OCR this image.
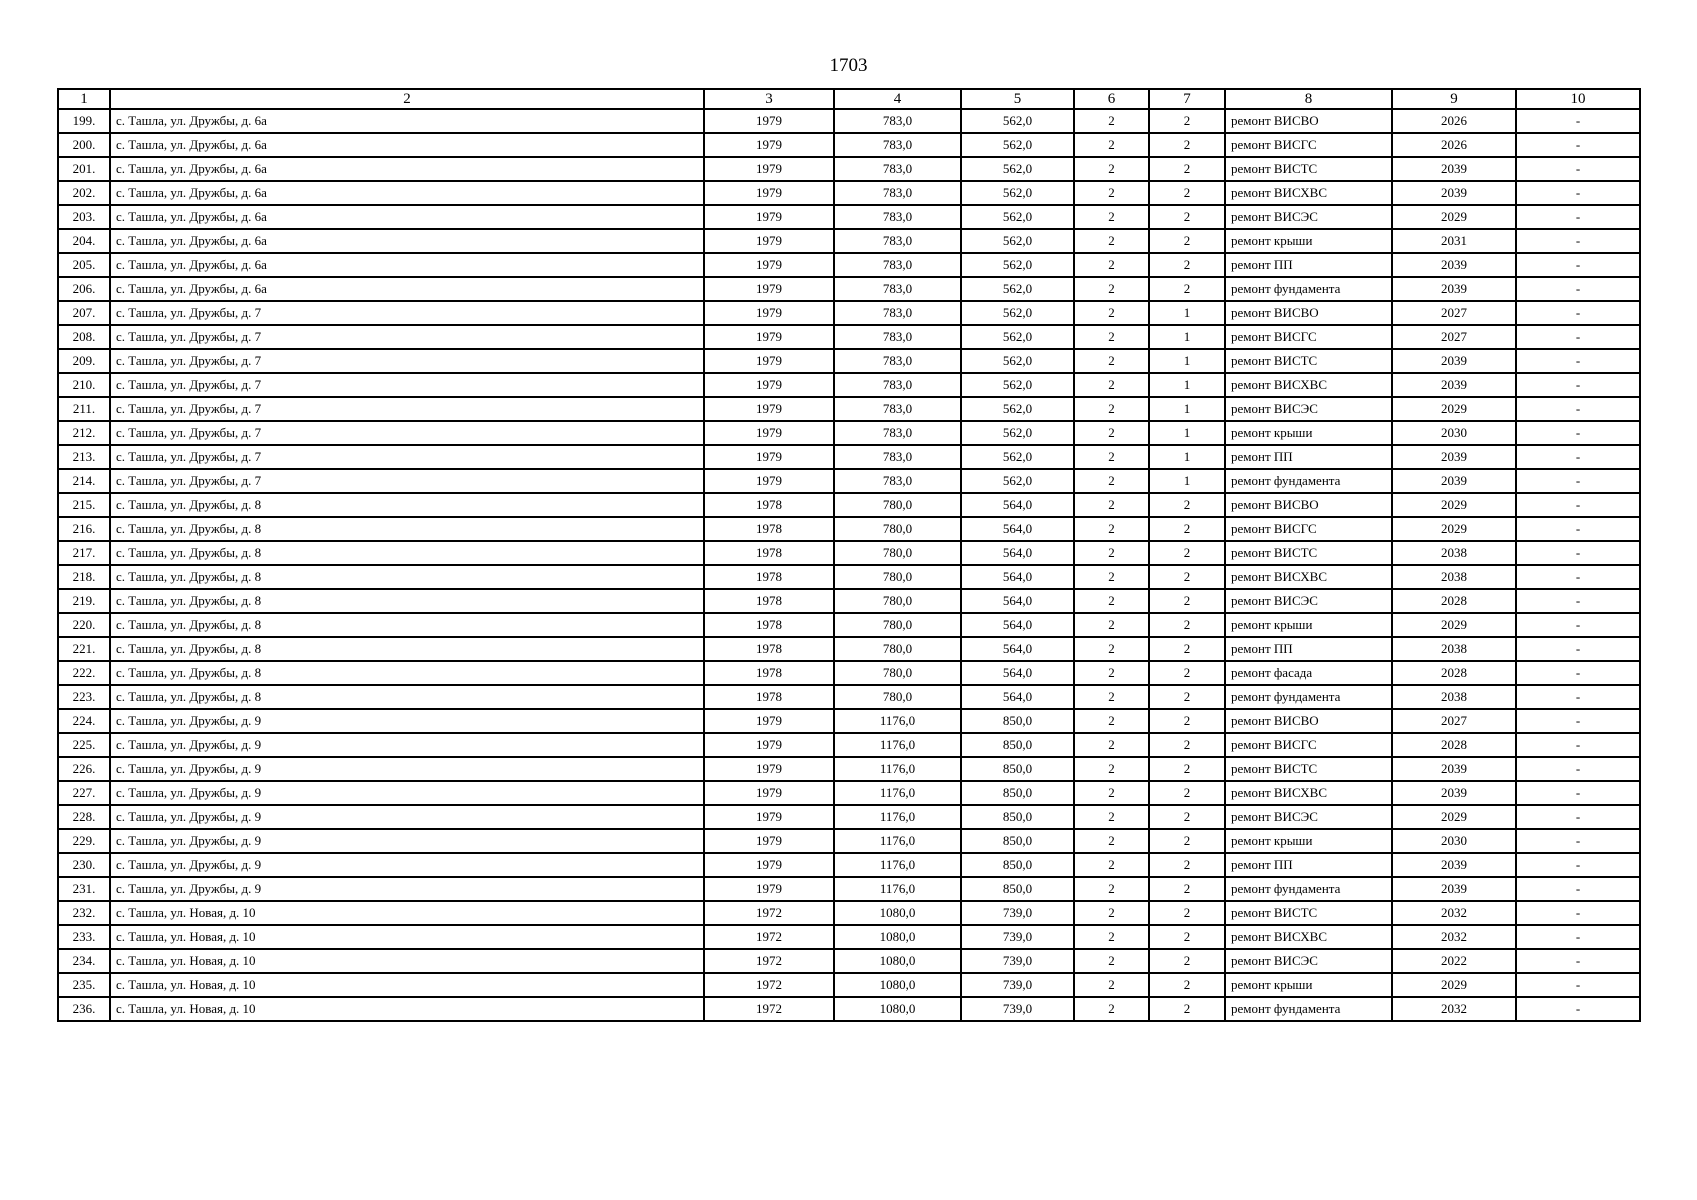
1703
1	2	3	4	5	6	7	8	9	10
199.	с. Ташла, ул. Дружбы, д. 6а	1979	783,0	562,0	2	2	ремонт ВИСВО	2026	-
200.	с. Ташла, ул. Дружбы, д. 6а	1979	783,0	562,0	2	2	ремонт ВИСГС	2026	-
201.	с. Ташла, ул. Дружбы, д. 6а	1979	783,0	562,0	2	2	ремонт ВИСТС	2039	-
202.	с. Ташла, ул. Дружбы, д. 6а	1979	783,0	562,0	2	2	ремонт ВИСХВС	2039	-
203.	с. Ташла, ул. Дружбы, д. 6а	1979	783,0	562,0	2	2	ремонт ВИСЭС	2029	-
204.	с. Ташла, ул. Дружбы, д. 6а	1979	783,0	562,0	2	2	ремонт крыши	2031	-
205.	с. Ташла, ул. Дружбы, д. 6а	1979	783,0	562,0	2	2	ремонт ПП	2039	-
206.	с. Ташла, ул. Дружбы, д. 6а	1979	783,0	562,0	2	2	ремонт фундамента	2039	-
207.	с. Ташла, ул. Дружбы, д. 7	1979	783,0	562,0	2	1	ремонт ВИСВО	2027	-
208.	с. Ташла, ул. Дружбы, д. 7	1979	783,0	562,0	2	1	ремонт ВИСГС	2027	-
209.	с. Ташла, ул. Дружбы, д. 7	1979	783,0	562,0	2	1	ремонт ВИСТС	2039	-
210.	с. Ташла, ул. Дружбы, д. 7	1979	783,0	562,0	2	1	ремонт ВИСХВС	2039	-
211.	с. Ташла, ул. Дружбы, д. 7	1979	783,0	562,0	2	1	ремонт ВИСЭС	2029	-
212.	с. Ташла, ул. Дружбы, д. 7	1979	783,0	562,0	2	1	ремонт крыши	2030	-
213.	с. Ташла, ул. Дружбы, д. 7	1979	783,0	562,0	2	1	ремонт ПП	2039	-
214.	с. Ташла, ул. Дружбы, д. 7	1979	783,0	562,0	2	1	ремонт фундамента	2039	-
215.	с. Ташла, ул. Дружбы, д. 8	1978	780,0	564,0	2	2	ремонт ВИСВО	2029	-
216.	с. Ташла, ул. Дружбы, д. 8	1978	780,0	564,0	2	2	ремонт ВИСГС	2029	-
217.	с. Ташла, ул. Дружбы, д. 8	1978	780,0	564,0	2	2	ремонт ВИСТС	2038	-
218.	с. Ташла, ул. Дружбы, д. 8	1978	780,0	564,0	2	2	ремонт ВИСХВС	2038	-
219.	с. Ташла, ул. Дружбы, д. 8	1978	780,0	564,0	2	2	ремонт ВИСЭС	2028	-
220.	с. Ташла, ул. Дружбы, д. 8	1978	780,0	564,0	2	2	ремонт крыши	2029	-
221.	с. Ташла, ул. Дружбы, д. 8	1978	780,0	564,0	2	2	ремонт ПП	2038	-
222.	с. Ташла, ул. Дружбы, д. 8	1978	780,0	564,0	2	2	ремонт фасада	2028	-
223.	с. Ташла, ул. Дружбы, д. 8	1978	780,0	564,0	2	2	ремонт фундамента	2038	-
224.	с. Ташла, ул. Дружбы, д. 9	1979	1176,0	850,0	2	2	ремонт ВИСВО	2027	-
225.	с. Ташла, ул. Дружбы, д. 9	1979	1176,0	850,0	2	2	ремонт ВИСГС	2028	-
226.	с. Ташла, ул. Дружбы, д. 9	1979	1176,0	850,0	2	2	ремонт ВИСТС	2039	-
227.	с. Ташла, ул. Дружбы, д. 9	1979	1176,0	850,0	2	2	ремонт ВИСХВС	2039	-
228.	с. Ташла, ул. Дружбы, д. 9	1979	1176,0	850,0	2	2	ремонт ВИСЭС	2029	-
229.	с. Ташла, ул. Дружбы, д. 9	1979	1176,0	850,0	2	2	ремонт крыши	2030	-
230.	с. Ташла, ул. Дружбы, д. 9	1979	1176,0	850,0	2	2	ремонт ПП	2039	-
231.	с. Ташла, ул. Дружбы, д. 9	1979	1176,0	850,0	2	2	ремонт фундамента	2039	-
232.	с. Ташла, ул. Новая, д. 10	1972	1080,0	739,0	2	2	ремонт ВИСТС	2032	-
233.	с. Ташла, ул. Новая, д. 10	1972	1080,0	739,0	2	2	ремонт ВИСХВС	2032	-
234.	с. Ташла, ул. Новая, д. 10	1972	1080,0	739,0	2	2	ремонт ВИСЭС	2022	-
235.	с. Ташла, ул. Новая, д. 10	1972	1080,0	739,0	2	2	ремонт крыши	2029	-
236.	с. Ташла, ул. Новая, д. 10	1972	1080,0	739,0	2	2	ремонт фундамента	2032	-
